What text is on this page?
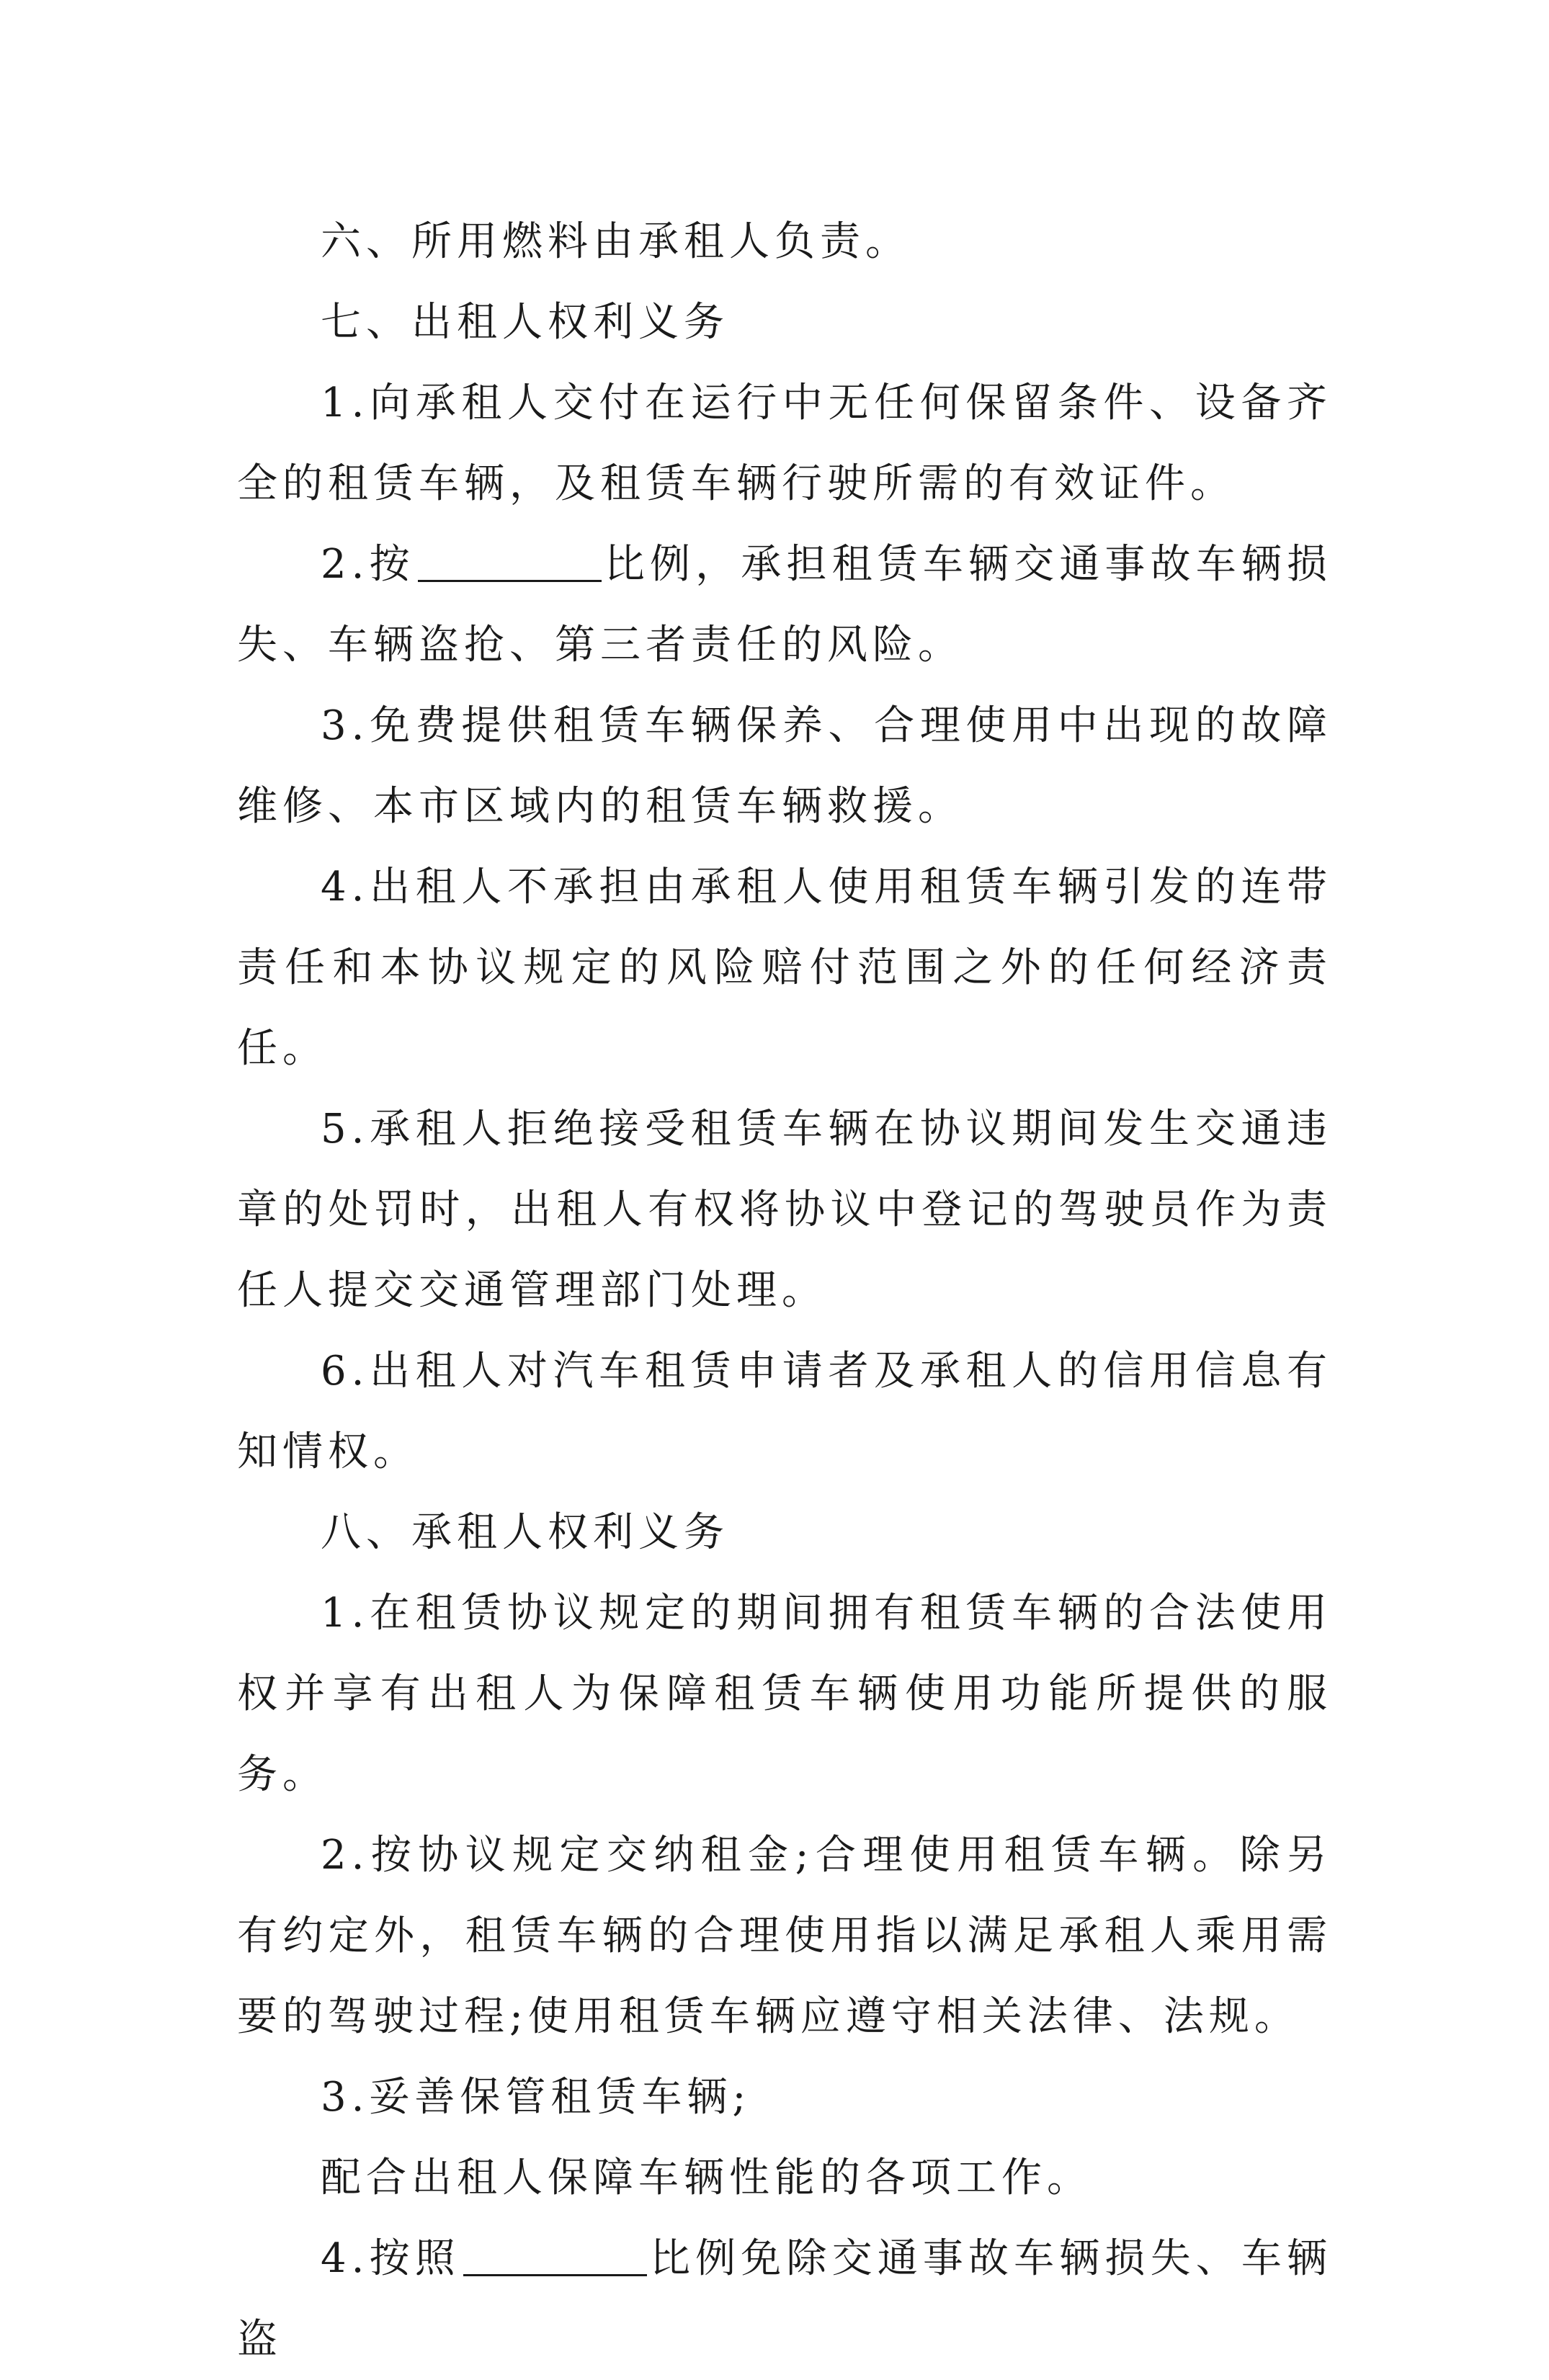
六、所用燃料由承租人负责。

七、出租人权利义务

1.向承租人交付在运行中无任何保留条件、设备齐全的租赁车辆，及租赁车辆行驶所需的有效证件。

2.按	比例，承担租赁车辆交通事故车辆损失、车辆盗抢、第三者责任的风险。

3.免费提供租赁车辆保养、合理使用中出现的故障维修、本市区域内的租赁车辆救援。

4.出租人不承担由承租人使用租赁车辆引发的连带责任和本协议规定的风险赔付范围之外的任何经济责任。

5.承租人拒绝接受租赁车辆在协议期间发生交通违章的处罚时，出租人有权将协议中登记的驾驶员作为责任人提交交通管理部门处理。

6.出租人对汽车租赁申请者及承租人的信用信息有知情权。

八、承租人权利义务

1.在租赁协议规定的期间拥有租赁车辆的合法使用权并享有出租人为保障租赁车辆使用功能所提供的服务。

2.按协议规定交纳租金;合理使用租赁车辆。除另有约定外，租赁车辆的合理使用指以满足承租人乘用需要的驾驶过程;使用租赁车辆应遵守相关法律、法规。

3.妥善保管租赁车辆;

配合出租人保障车辆性能的各项工作。

4.按照	比例免除交通事故车辆损失、车辆盗
